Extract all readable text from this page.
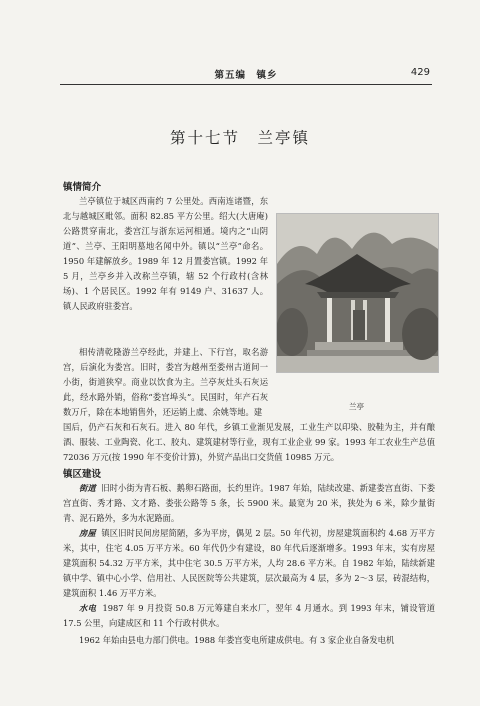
第五编　镇乡	429
第十七节　兰亭镇
镇情简介
兰亭镇位于城区西南约 7 公里处。西南连诸暨，东北与越城区毗邻。面积 82.85 平方公里。绍大(大唐庵)公路贯穿南北，娄宫江与浙东运河相通。境内之“山阴道”、兰亭、王阳明墓地名闻中外。镇以“兰亭”命名。1950 年建解放乡。1989 年 12 月置娄宫镇。1992 年 5 月，兰亭乡并入改称兰亭镇，辖 52 个行政村(含林场)、1 个居民区。1992 年有 9149 户、31637 人。镇人民政府驻娄宫。
相传清乾隆游兰亭经此，并建上、下行宫，取名游宫，后演化为娄宫。旧时，娄宫为越州至娄州古道间一小街，街道狭窄。商业以饮食为主。兰亭灰灶头石灰运此，经水路外销，俗称“娄宫埠头”。民国时，年产石灰数万斤，除在本地销售外，还运销上虞、余姚等地。建
国后，仍产石灰和石灰石。进入 80 年代，乡镇工业渐见发展，工业生产以印染、胶鞋为主，并有酿酒、服装、工业陶瓷、化工、胶丸、建筑建材等行业，现有工业企业 99 家。1993 年工农业生产总值 72036 万元(按 1990 年不变价计算)，外贸产品出口交货值 10985 万元。
兰亭
镇区建设
街道 旧时小街为青石板、鹅卵石路面，长约里许。1987 年始，陆续改建、新建娄宫直街、下娄宫直街、秀才路、文才路、娄张公路等 5 条，长 5900 米。最宽为 20 米，狭处为 6 米，除少量街青、泥石路外，多为水泥路面。
房屋 镇区旧时民间房屋简陋，多为平房，偶见 2 层。50 年代初，房屋建筑面积约 4.68 万平方米，其中，住宅 4.05 万平方米。60 年代仍少有建设，80 年代后逐渐增多。1993 年末，实有房屋建筑面积 54.32 万平方米，其中住宅 30.5 万平方米，人均 28.6 平方米。自 1982 年始，陆续新建镇中学、镇中心小学、信用社、人民医院等公共建筑，层次最高为 4 层，多为 2～3 层，砖混结构，建筑面积 1.46 万平方米。
水电 1987 年 9 月投资 50.8 万元筹建自来水厂，翌年 4 月通水。到 1993 年末，铺设管道 17.5 公里，向建成区和 11 个行政村供水。
1962 年始由县电力部门供电。1988 年娄宫变电所建成供电。有 3 家企业自备发电机
